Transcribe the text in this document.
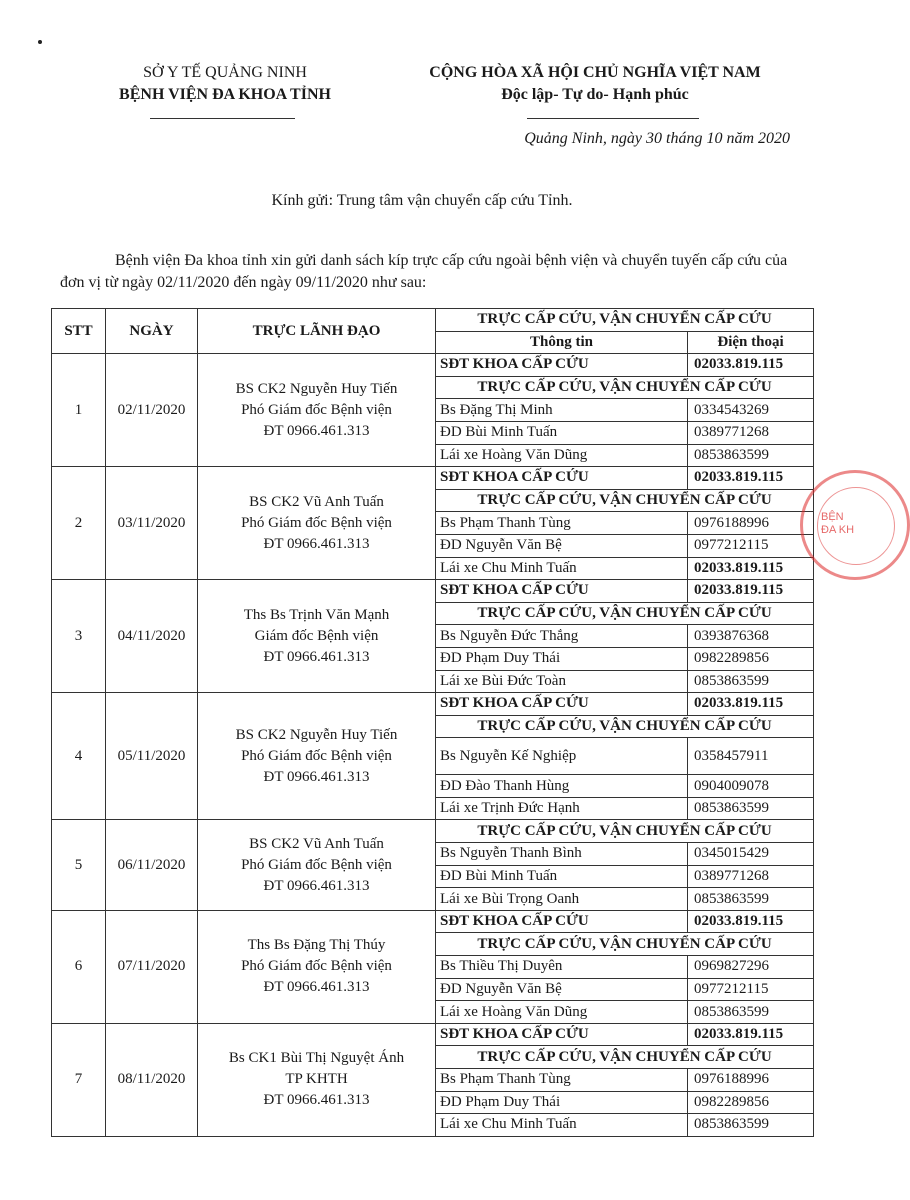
SỞ Y TẾ QUẢNG NINH
BỆNH VIỆN ĐA KHOA TỈNH
CỘNG HÒA XÃ HỘI CHỦ NGHĨA VIỆT NAM
Độc lập- Tự do- Hạnh phúc
Quảng Ninh, ngày 30 tháng 10 năm 2020
Kính gửi: Trung tâm vận chuyển cấp cứu Tỉnh.
Bệnh viện Đa khoa tỉnh xin gửi danh sách kíp trực cấp cứu ngoài bệnh viện và chuyển tuyến cấp cứu của đơn vị từ ngày 02/11/2020 đến ngày 09/11/2020 như sau:
STT	NGÀY	TRỰC LÃNH ĐẠO	TRỰC CẤP CỨU, VẬN CHUYỂN CẤP CỨU	
			Thông tin	Điện thoại
1	02/11/2020	BS CK2 Nguyễn Huy Tiến
Phó Giám đốc Bệnh viện
ĐT 0966.461.313	SĐT KHOA CẤP CỨU	02033.819.115
			TRỰC CẤP CỨU, VẬN CHUYỂN CẤP CỨU	
			Bs Đặng Thị Minh	0334543269
			ĐD Bùi Minh Tuấn	0389771268
			Lái xe Hoàng Văn Dũng	0853863599
2	03/11/2020	BS CK2 Vũ Anh Tuấn
Phó Giám đốc Bệnh viện
ĐT 0966.461.313	SĐT KHOA CẤP CỨU	02033.819.115
			TRỰC CẤP CỨU, VẬN CHUYỂN CẤP CỨU	
			Bs Phạm Thanh Tùng	0976188996
			ĐD Nguyễn Văn Bệ	0977212115
			Lái xe Chu Minh Tuấn	02033.819.115
3	04/11/2020	Ths Bs Trịnh Văn Mạnh
Giám đốc Bệnh viện
ĐT 0966.461.313	SĐT KHOA CẤP CỨU	02033.819.115
			TRỰC CẤP CỨU, VẬN CHUYỂN CẤP CỨU	
			Bs Nguyễn Đức Thắng	0393876368
			ĐD Phạm Duy Thái	0982289856
			Lái xe Bùi Đức Toàn	0853863599
4	05/11/2020	BS CK2 Nguyễn Huy Tiến
Phó Giám đốc Bệnh viện
ĐT 0966.461.313	SĐT KHOA CẤP CỨU	02033.819.115
			TRỰC CẤP CỨU, VẬN CHUYỂN CẤP CỨU	
			Bs Nguyễn Kế Nghiệp	0358457911
			ĐD Đào Thanh Hùng	0904009078
			Lái xe Trịnh Đức Hạnh	0853863599
5	06/11/2020	BS CK2 Vũ Anh Tuấn
Phó Giám đốc Bệnh viện
ĐT 0966.461.313	TRỰC CẤP CỨU, VẬN CHUYỂN CẤP CỨU	
			Bs Nguyễn Thanh Bình	0345015429
			ĐD Bùi Minh Tuấn	0389771268
			Lái xe Bùi Trọng Oanh	0853863599
6	07/11/2020	Ths Bs Đặng Thị Thúy
Phó Giám đốc Bệnh viện
ĐT 0966.461.313	SĐT KHOA CẤP CỨU	02033.819.115
			TRỰC CẤP CỨU, VẬN CHUYỂN CẤP CỨU	
			Bs Thiều Thị Duyên	0969827296
			ĐD Nguyễn Văn Bệ	0977212115
			Lái xe Hoàng Văn Dũng	0853863599
7	08/11/2020	Bs CK1 Bùi Thị Nguyệt Ánh
TP KHTH
ĐT 0966.461.313	SĐT KHOA CẤP CỨU	02033.819.115
			TRỰC CẤP CỨU, VẬN CHUYỂN CẤP CỨU	
			Bs Phạm Thanh Tùng	0976188996
			ĐD Phạm Duy Thái	0982289856
			Lái xe Chu Minh Tuấn	0853863599
BỆN
ĐA KH
